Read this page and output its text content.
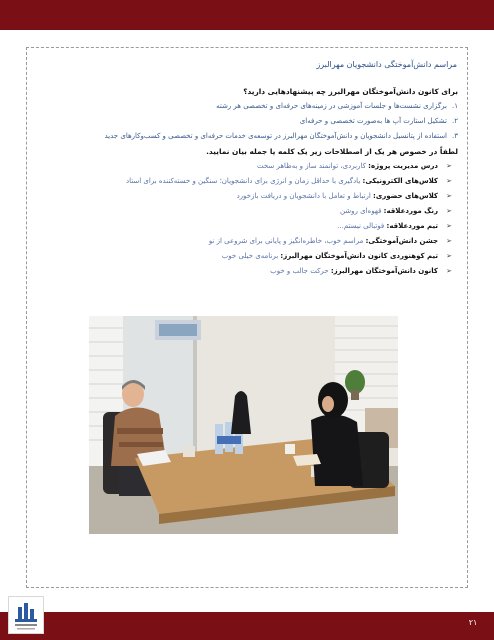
مراسم دانش‌آموختگی دانشجویان مهرالبرز
برای کانون دانش‌آموختگان مهرالبرز چه پیشنهادهایی دارید؟
۱.برگزاری نشست‌ها و جلسات آموزشی در زمینه‌های حرفه‌ای و تخصصی هر رشته
۲.تشکیل استارت آپ ها به‌صورت تخصصی و حرفه‌ای
۳.استفاده از پتانسیل دانشجویان و دانش‌آموختگان مهرالبرز در توسعه‌ی خدمات حرفه‌ای و تخصصی و کسب‌وکارهای جدید
لطفاً در خصوص هر یک از اصطلاحات زیر یک کلمه یا جمله بیان نمایید.
➢درس مدیریت پروژه: کاربردی، توانمند ساز و به‌ظاهر سخت
➢کلاس‌های الکترونیکی: یادگیری با حداقل زمان و انرژی برای دانشجویان؛ سنگین و خسته‌کننده برای استاد
➢کلاس‌های حضوری: ارتباط و تعامل با دانشجویان و دریافت بازخورد
➢رنگ موردعلاقه: قهوه‌ای روشن
➢تیم موردعلاقه: فوتبالی نیستم...
➢جشن دانش‌آموختگی: مراسم خوب، خاطره‌انگیز و پایانی برای شروعی از نو
➢تیم کوهنوردی کانون دانش‌آموختگان مهرالبرز: برنامه‌ی خیلی خوب
➢کانون دانش‌آموختگان مهرالبرز: حرکت جالب و خوب
۲۱
